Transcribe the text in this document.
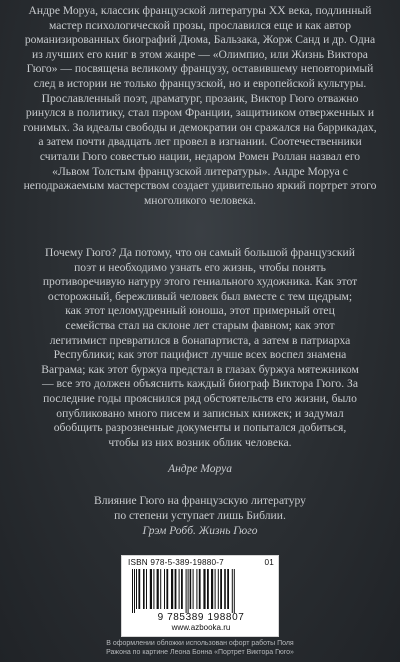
Андре Моруа, классик французской литературы XX века, подлинный мастер психологической прозы, прославился еще и как автор романизированных биографий Дюма, Бальзака, Жорж Санд и др. Одна из лучших его книг в этом жанре — «Олимпио, или Жизнь Виктора Гюго» — посвящена великому французу, оставившему неповторимый след в истории не только французской, но и европейской культуры. Прославленный поэт, драматург, прозаик, Виктор Гюго отважно ринулся в политику, стал пэром Франции, защитником отверженных и гонимых. За идеалы свободы и демократии он сражался на баррикадах, а затем почти двадцать лет провел в изгнании. Соотечественники считали Гюго совестью нации, недаром Ромен Роллан назвал его «Львом Толстым французской литературы». Андре Моруа с неподражаемым мастерством создает удивительно яркий портрет этого многоликого человека.

Почему Гюго? Да потому, что он самый большой французский поэт и необходимо узнать его жизнь, чтобы понять противоречивую натуру этого гениального художника. Как этот осторожный, бережливый человек был вместе с тем щедрым; как этот целомудренный юноша, этот примерный отец семейства стал на склоне лет старым фавном; как этот легитимист превратился в бонапартиста, а затем в патриарха Республики; как этот пацифист лучше всех воспел знамена Ваграма; как этот буржуа предстал в глазах буржуа мятежником — все это должен объяснить каждый биограф Виктора Гюго. За последние годы прояснился ряд обстоятельств его жизни, было опубликовано много писем и записных книжек; и задумал обобщить разрозненные документы и попытался добиться, чтобы из них возник облик человека.

Андре Моруа

Влияние Гюго на французскую литературу по степени уступает лишь Библии.

Грэм Робб. Жизнь Гюго
ISBN 978-5-389-19880-7	01
9 785389 198807
www.azbooka.ru
В оформлении обложки использован офорт работы Поля Ражона по картине Леона Бонна «Портрет Виктора Гюго»
